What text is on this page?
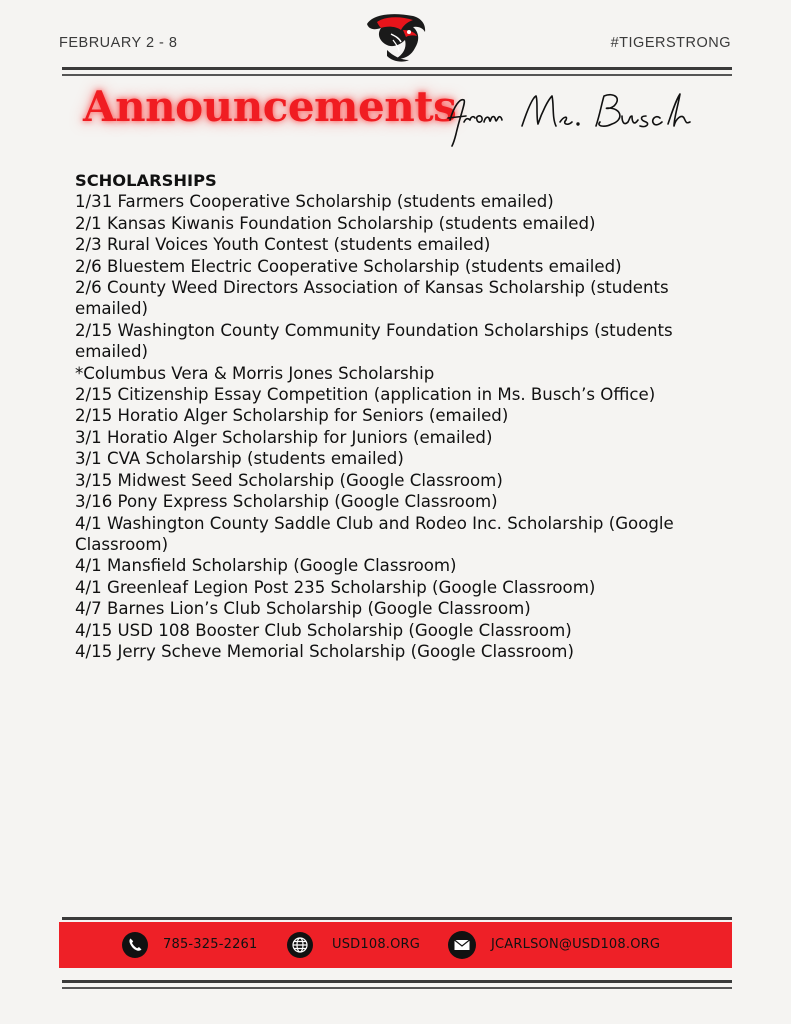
FEBRUARY 2 - 8	#TIGERSTRONG
Announcements
SCHOLARSHIPS
1/31 Farmers Cooperative Scholarship (students emailed)
2/1 Kansas Kiwanis Foundation Scholarship (students emailed)
2/3 Rural Voices Youth Contest (students emailed)
2/6 Bluestem Electric Cooperative Scholarship (students emailed)
2/6 County Weed Directors Association of Kansas Scholarship (students emailed)
2/15 Washington County Community Foundation Scholarships (students emailed)
*Columbus Vera & Morris Jones Scholarship
2/15 Citizenship Essay Competition (application in Ms. Busch’s Office)
2/15 Horatio Alger Scholarship for Seniors (emailed)
3/1 Horatio Alger Scholarship for Juniors (emailed)
3/1 CVA Scholarship (students emailed)
3/15 Midwest Seed Scholarship (Google Classroom)
3/16 Pony Express Scholarship (Google Classroom)
4/1 Washington County Saddle Club and Rodeo Inc. Scholarship (Google Classroom)
4/1 Mansfield Scholarship (Google Classroom)
4/1 Greenleaf Legion Post 235 Scholarship (Google Classroom)
4/7 Barnes Lion’s Club Scholarship (Google Classroom)
4/15 USD 108 Booster Club Scholarship (Google Classroom)
4/15 Jerry Scheve Memorial Scholarship (Google Classroom)
785-325-2261	USD108.ORG	JCARLSON@USD108.ORG
